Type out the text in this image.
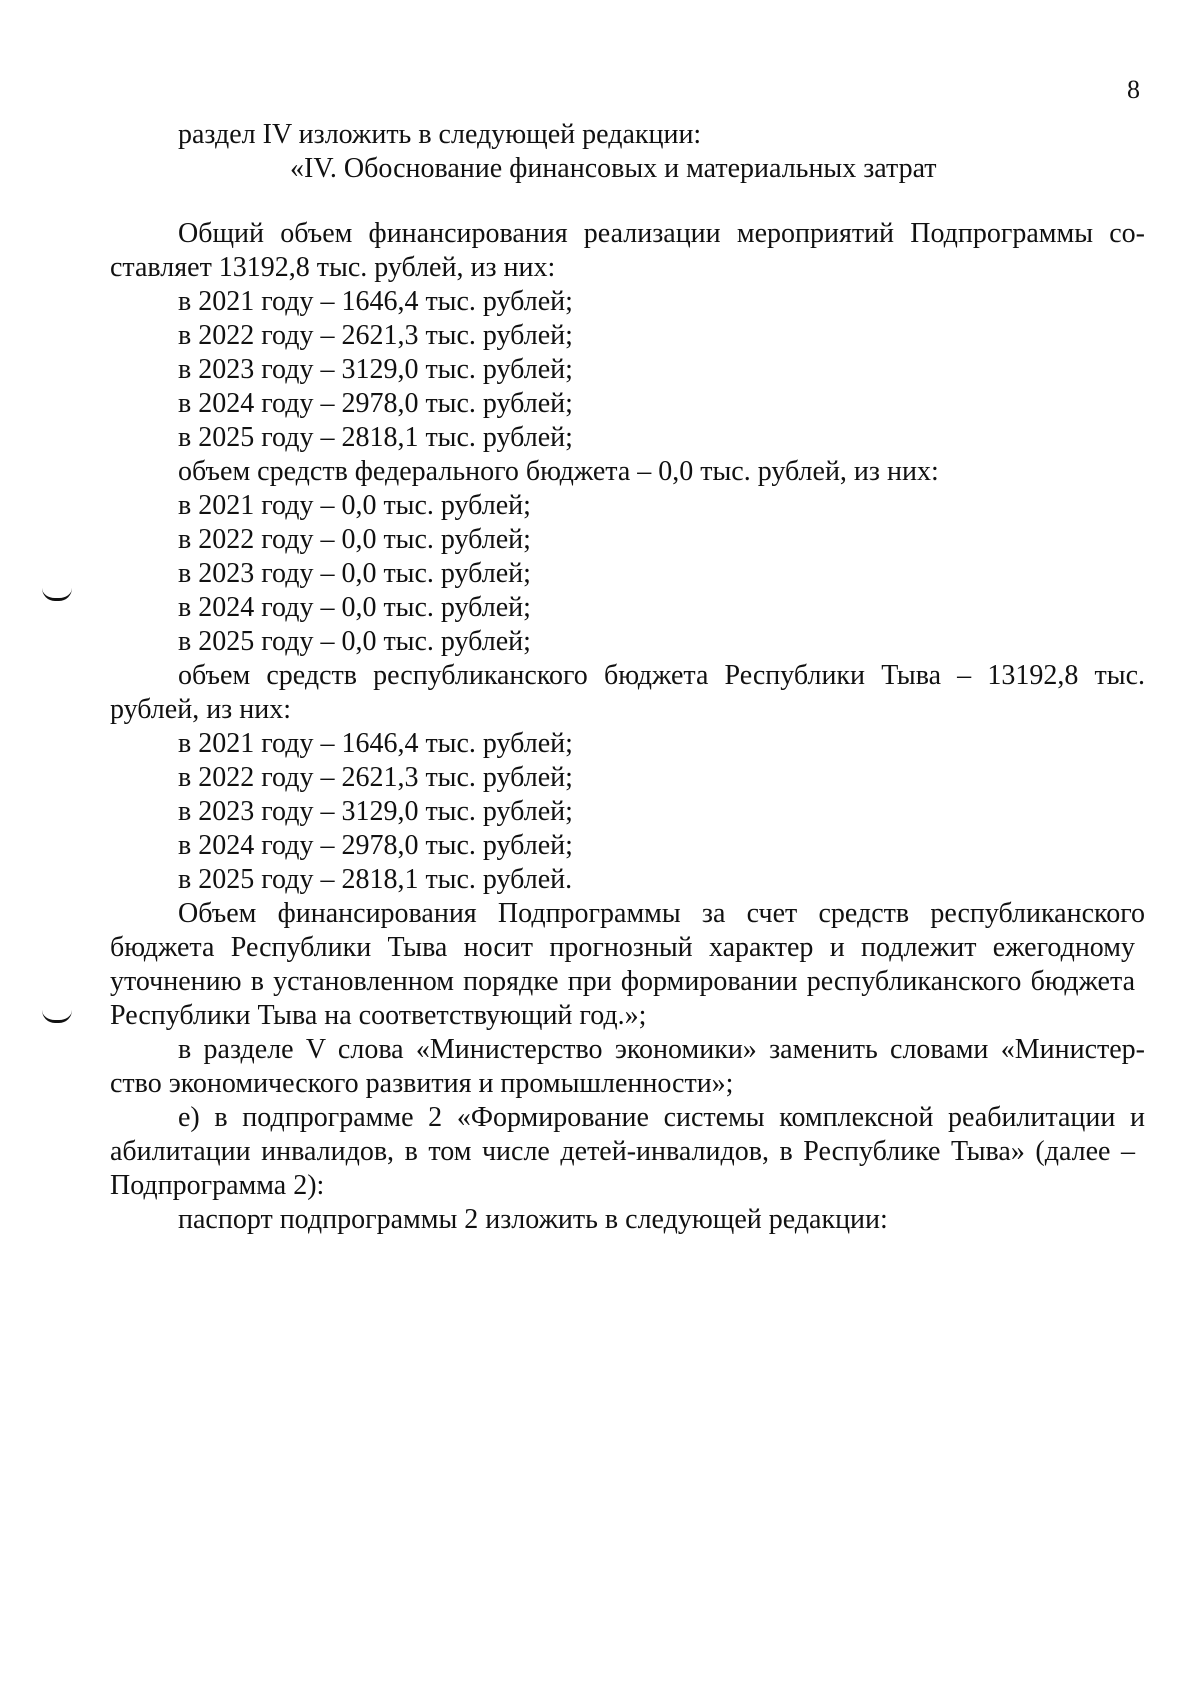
8
раздел IV изложить в следующей редакции:
«IV. Обоснование финансовых и материальных затрат
Общий объем финансирования реализации мероприятий Подпрограммы со-
ставляет 13192,8 тыс. рублей, из них:
в 2021 году – 1646,4 тыс. рублей;
в 2022 году – 2621,3 тыс. рублей;
в 2023 году – 3129,0 тыс. рублей;
в 2024 году – 2978,0 тыс. рублей;
в 2025 году – 2818,1 тыс. рублей;
объем средств федерального бюджета – 0,0 тыс. рублей, из них:
в 2021 году – 0,0 тыс. рублей;
в 2022 году – 0,0 тыс. рублей;
в 2023 году – 0,0 тыс. рублей;
в 2024 году – 0,0 тыс. рублей;
в 2025 году – 0,0 тыс. рублей;
объем средств республиканского бюджета Республики Тыва – 13192,8 тыс.
рублей, из них:
в 2021 году – 1646,4 тыс. рублей;
в 2022 году – 2621,3 тыс. рублей;
в 2023 году – 3129,0 тыс. рублей;
в 2024 году – 2978,0 тыс. рублей;
в 2025 году – 2818,1 тыс. рублей.
Объем финансирования Подпрограммы за счет средств республиканского
бюджета Республики Тыва носит прогнозный характер и подлежит ежегодному
уточнению в установленном порядке при формировании республиканского бюджета
Республики Тыва на соответствующий год.»;
в разделе V слова «Министерство экономики» заменить словами «Министер-
ство экономического развития и промышленности»;
е) в подпрограмме 2 «Формирование системы комплексной реабилитации и
абилитации инвалидов, в том числе детей-инвалидов, в Республике Тыва» (далее –
Подпрограмма 2):
паспорт подпрограммы 2 изложить в следующей редакции:
